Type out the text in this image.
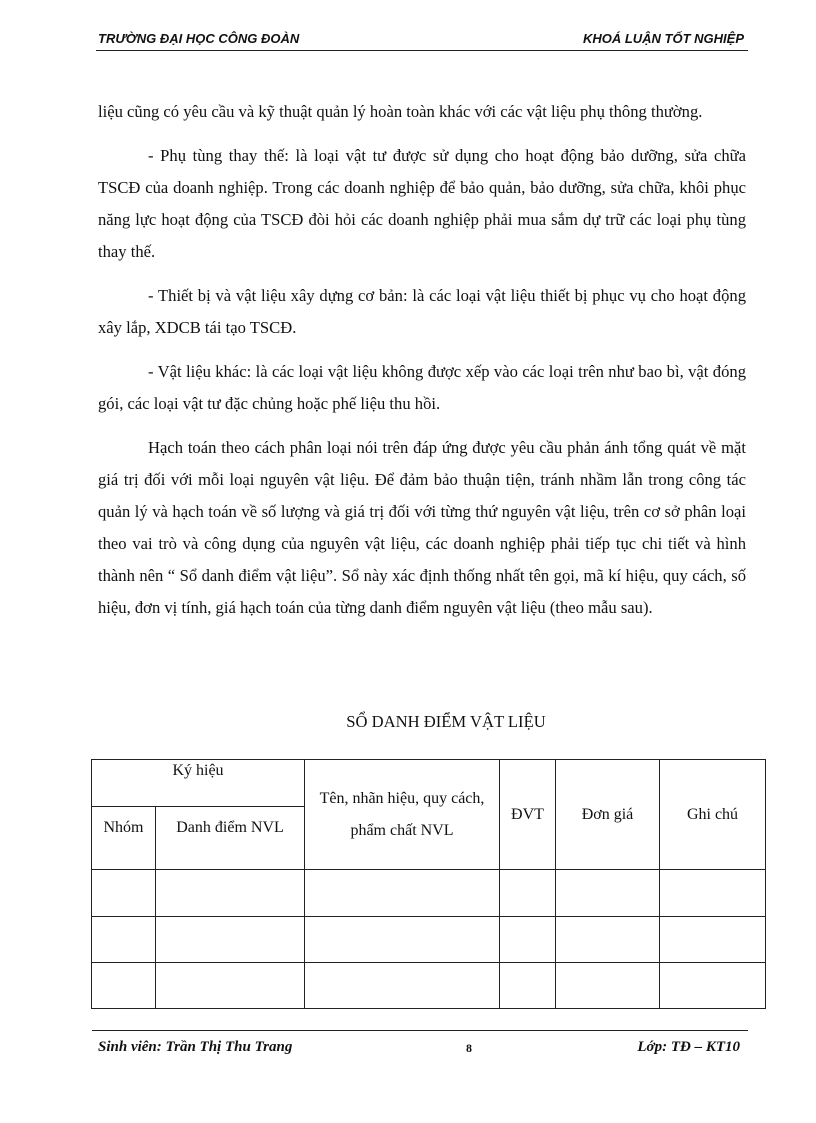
TRƯỜNG ĐẠI HỌC CÔNG ĐOÀN	KHOÁ LUẬN TỐT NGHIỆP

liệu cũng có yêu cầu và kỹ thuật quản lý hoàn toàn khác với các vật liệu phụ thông thường.

- Phụ tùng thay thế: là loại vật tư được sử dụng cho hoạt động bảo dưỡng, sửa chữa TSCĐ của doanh nghiệp. Trong các doanh nghiệp để bảo quản, bảo dưỡng, sửa chữa, khôi phục năng lực hoạt động của TSCĐ đòi hỏi các doanh nghiệp phải mua sắm dự trữ các loại phụ tùng thay thế.

- Thiết bị và vật liệu xây dựng cơ bản: là các loại vật liệu thiết bị phục vụ cho hoạt động xây lắp, XDCB tái tạo TSCĐ.

- Vật liệu khác: là các loại vật liệu không được xếp vào các loại trên như bao bì, vật đóng gói, các loại vật tư đặc chủng hoặc phế liệu thu hồi.

Hạch toán theo cách phân loại nói trên đáp ứng được yêu cầu phản ánh tổng quát về mặt giá trị đối với mỗi loại nguyên vật liệu. Để đảm bảo thuận tiện, tránh nhầm lẫn trong công tác quản lý và hạch toán về số lượng và giá trị đối với từng thứ nguyên vật liệu, trên cơ sở phân loại theo vai trò và công dụng của nguyên vật liệu, các doanh nghiệp phải tiếp tục chi tiết và hình thành nên “ Sổ danh điểm vật liệu”. Sổ này xác định thống nhất tên gọi, mã kí hiệu, quy cách, số hiệu, đơn vị tính, giá hạch toán của từng danh điểm nguyên vật liệu (theo mẫu sau).

SỔ DANH ĐIỂM VẬT LIỆU
Ký hiệu		Tên, nhãn hiệu, quy cách, phẩm chất NVL	ĐVT	Đơn giá	Ghi chú
Nhóm	Danh điểm NVL				

Sinh viên: Trần Thị Thu Trang	8	Lớp: TĐ – KT10
